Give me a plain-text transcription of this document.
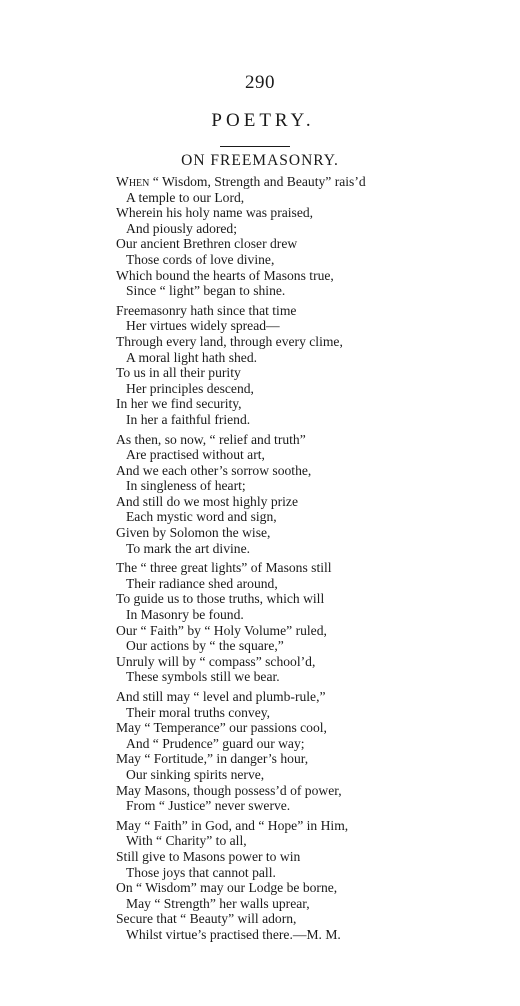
290
POETRY.
ON FREEMASONRY.
When “ Wisdom, Strength and Beauty” rais’d
A temple to our Lord,
Wherein his holy name was praised,
And piously adored;
Our ancient Brethren closer drew
Those cords of love divine,
Which bound the hearts of Masons true,
Since “ light” began to shine.
Freemasonry hath since that time
Her virtues widely spread—
Through every land, through every clime,
A moral light hath shed.
To us in all their purity
Her principles descend,
In her we find security,
In her a faithful friend.
As then, so now, “ relief and truth”
Are practised without art,
And we each other’s sorrow soothe,
In singleness of heart;
And still do we most highly prize
Each mystic word and sign,
Given by Solomon the wise,
To mark the art divine.
The “ three great lights” of Masons still
Their radiance shed around,
To guide us to those truths, which will
In Masonry be found.
Our “ Faith” by “ Holy Volume” ruled,
Our actions by “ the square,”
Unruly will by “ compass” school’d,
These symbols still we bear.
And still may “ level and plumb-rule,”
Their moral truths convey,
May “ Temperance” our passions cool,
And “ Prudence” guard our way;
May “ Fortitude,” in danger’s hour,
Our sinking spirits nerve,
May Masons, though possess’d of power,
From “ Justice” never swerve.
May “ Faith” in God, and “ Hope” in Him,
With “ Charity” to all,
Still give to Masons power to win
Those joys that cannot pall.
On “ Wisdom” may our Lodge be borne,
May “ Strength” her walls uprear,
Secure that “ Beauty” will adorn,
Whilst virtue’s practised there.—M. M.
